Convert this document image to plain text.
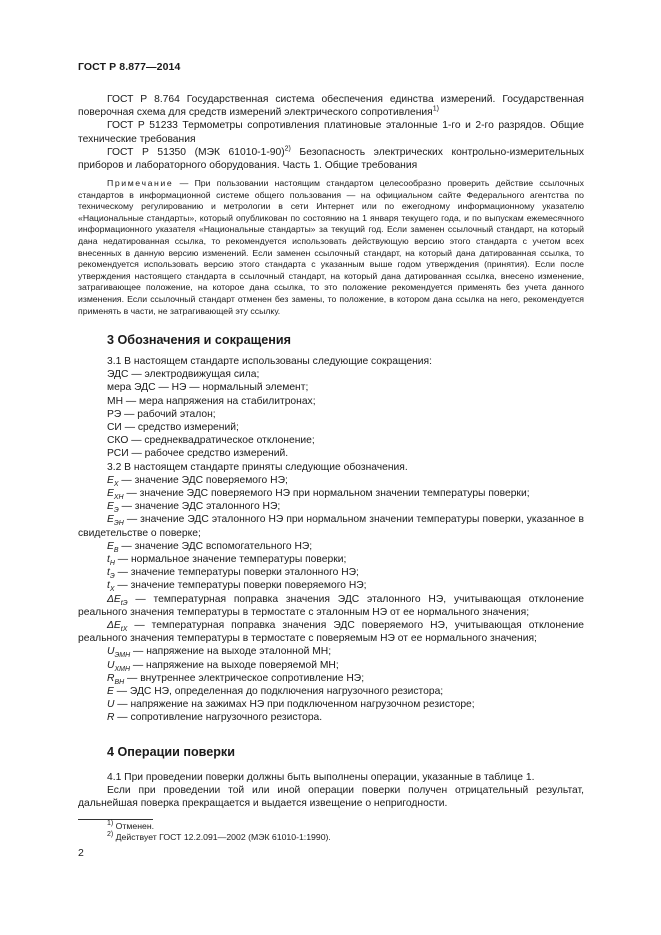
ГОСТ Р 8.877—2014

ГОСТ Р 8.764 Государственная система обеспечения единства измерений. Государственная поверочная схема для средств измерений электрического сопротивления$^{1)}$

ГОСТ Р 51233 Термометры сопротивления платиновые эталонные 1-го и 2-го разрядов. Общие технические требования

ГОСТ Р 51350 (МЭК 61010-1-90)$^{2)}$ Безопасность электрических контрольно-измерительных приборов и лабораторного оборудования. Часть 1. Общие требования

Примечание — При пользовании настоящим стандартом целесообразно проверить действие ссылочных стандартов в информационной системе общего пользования — на официальном сайте Федерального агентства по техническому регулированию и метрологии в сети Интернет или по ежегодному информационному указателю «Национальные стандарты», который опубликован по состоянию на 1 января текущего года, и по выпускам ежемесячного информационного указателя «Национальные стандарты» за текущий год. Если заменен ссылочный стандарт, на который дана недатированная ссылка, то рекомендуется использовать действующую версию этого стандарта с учетом всех внесенных в данную версию изменений. Если заменен ссылочный стандарт, на который дана датированная ссылка, то рекомендуется использовать версию этого стандарта с указанным выше годом утверждения (принятия). Если после утверждения настоящего стандарта в ссылочный стандарт, на который дана датированная ссылка, внесено изменение, затрагивающее положение, на которое дана ссылка, то это положение рекомендуется применять без учета данного изменения. Если ссылочный стандарт отменен без замены, то положение, в котором дана ссылка на него, рекомендуется применять в части, не затрагивающей эту ссылку.

3 Обозначения и сокращения

3.1 В настоящем стандарте использованы следующие сокращения:

ЭДС — электродвижущая сила;

мера ЭДС — НЭ — нормальный элемент;

МН — мера напряжения на стабилитронах;

РЭ — рабочий эталон;

СИ — средство измерений;

СКО — среднеквадратическое отклонение;

РСИ — рабочее средство измерений.

3.2 В настоящем стандарте приняты следующие обозначения.

$E_X$ — значение ЭДС поверяемого НЭ;

$E_{XH}$ — значение ЭДС поверяемого НЭ при нормальном значении температуры поверки;

$E_Э$ — значение ЭДС эталонного НЭ;

$E_{ЭH}$ — значение ЭДС эталонного НЭ при нормальном значении температуры поверки, указанное в свидетельстве о поверке;

$E_B$ — значение ЭДС вспомогательного НЭ;

$t_H$ — нормальное значение температуры поверки;

$t_Э$ — значение температуры поверки эталонного НЭ;

$t_X$ — значение температуры поверки поверяемого НЭ;

$\Delta E_{tЭ}$ — температурная поправка значения ЭДС эталонного НЭ, учитывающая отклонение реального значения температуры в термостате с эталонным НЭ от ее нормального значения;

$\Delta E_{tX}$ — температурная поправка значения ЭДС поверяемого НЭ, учитывающая отклонение реального значения температуры в термостате с поверяемым НЭ от ее нормального значения;

$U_{ЭМН}$ — напряжение на выходе эталонной МН;

$U_{XМН}$ — напряжение на выходе поверяемой МН;

$R_{BH}$ — внутреннее электрическое сопротивление НЭ;

E — ЭДС НЭ, определенная до подключения нагрузочного резистора;

U — напряжение на зажимах НЭ при подключенном нагрузочном резисторе;

R — сопротивление нагрузочного резистора.

4 Операции поверки

4.1 При проведении поверки должны быть выполнены операции, указанные в таблице 1.

Если при проведении той или иной операции поверки получен отрицательный результат, дальнейшая поверка прекращается и выдается извещение о непригодности.

$^{1)}$ Отменен.
$^{2)}$ Действует ГОСТ 12.2.091—2002 (МЭК 61010-1:1990).
2
